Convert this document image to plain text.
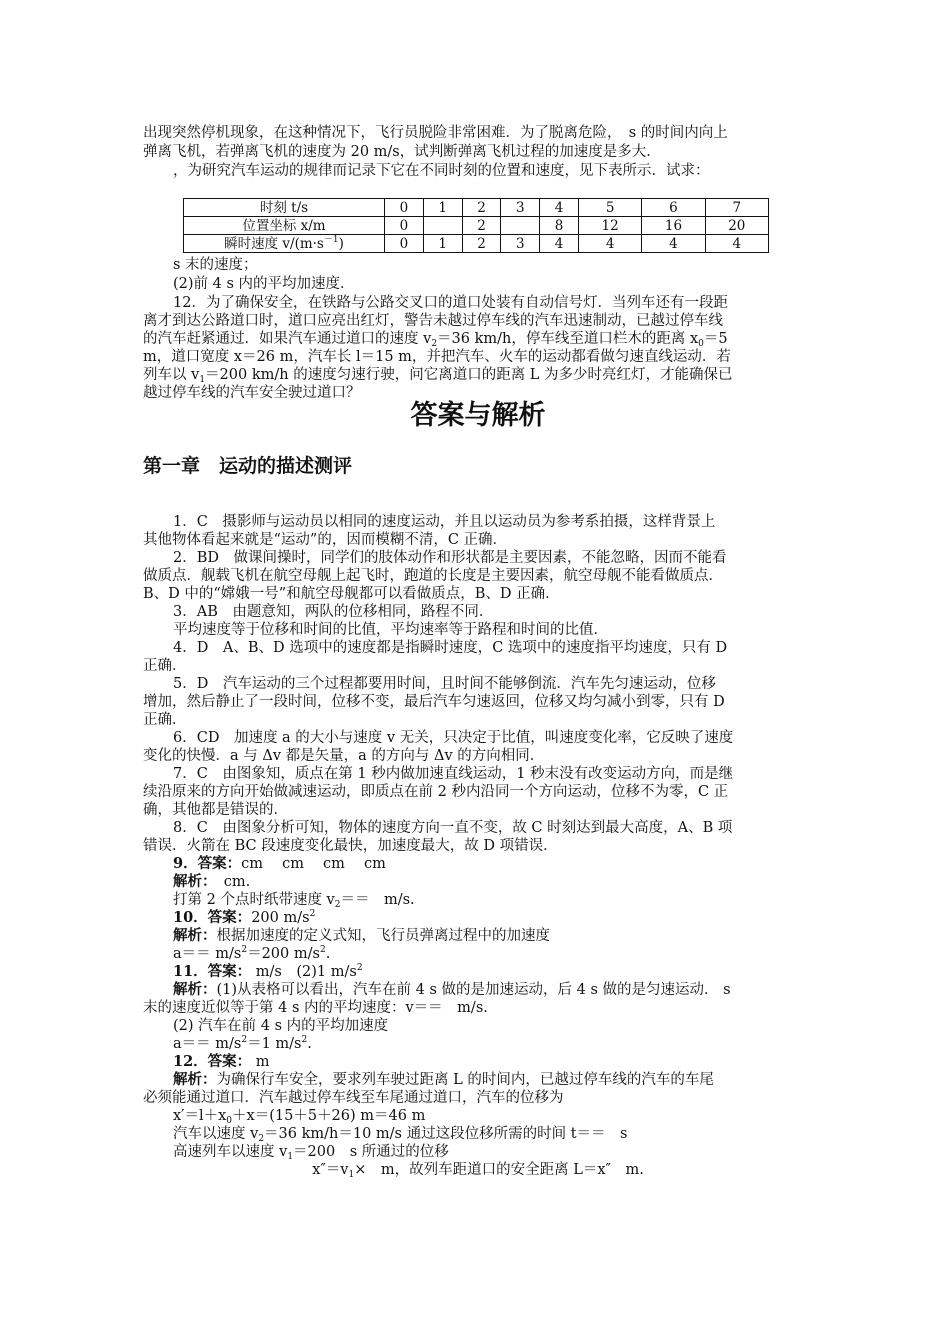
出现突然停机现象，在这种情况下，飞行员脱险非常困难．为了脱离危险，　s 的时间内向上
弹离飞机，若弹离飞机的速度为 20 m/s，试判断弹离飞机过程的加速度是多大．
，为研究汽车运动的规律而记录下它在不同时刻的位置和速度，见下表所示．试求：
时刻 t/s	0	1	2	3	4	5	6	7
位置坐标 x/m	0		2		8	12	16	20
瞬时速度 $v/(m\cdot s^{-1})$	0	1	2	3	4	4	4	4
s 末的速度；
(2)前 4 s 内的平均加速度．
12．为了确保安全，在铁路与公路交叉口的道口处装有自动信号灯．当列车还有一段距
离才到达公路道口时，道口应亮出红灯，警告未越过停车线的汽车迅速制动，已越过停车线
的汽车赶紧通过．如果汽车通过道口的速度 $v_2=36$ km/h，停车线至道口栏木的距离 $x_0=5$
m，道口宽度 x＝26 m，汽车长 l＝15 m，并把汽车、火车的运动都看做匀速直线运动．若
列车以 $v_1=200$ km/h 的速度匀速行驶，问它离道口的距离 L 为多少时亮红灯，才能确保已
越过停车线的汽车安全驶过道口？
答案与解析
第一章　运动的描述测评
1．C　摄影师与运动员以相同的速度运动，并且以运动员为参考系拍摄，这样背景上
其他物体看起来就是“运动”的，因而模糊不清，C 正确．
2．BD　做课间操时，同学们的肢体动作和形状都是主要因素，不能忽略，因而不能看
做质点．舰载飞机在航空母舰上起飞时，跑道的长度是主要因素，航空母舰不能看做质点．
B、D 中的“嫦娥一号”和航空母舰都可以看做质点，B、D 正确．
3．AB　由题意知，两队的位移相同，路程不同．
平均速度等于位移和时间的比值，平均速率等于路程和时间的比值．
4．D　A、B、D 选项中的速度都是指瞬时速度，C 选项中的速度指平均速度，只有 D
正确．
5．D　汽车运动的三个过程都要用时间，且时间不能够倒流．汽车先匀速运动，位移
增加，然后静止了一段时间，位移不变，最后汽车匀速返回，位移又均匀减小到零，只有 D
正确．
6．CD　加速度 a 的大小与速度 v 无关，只决定于比值，叫速度变化率，它反映了速度
变化的快慢．a 与 Δv 都是矢量，a 的方向与 Δv 的方向相同．
7．C　由图象知，质点在第 1 秒内做加速直线运动，1 秒末没有改变运动方向，而是继
续沿原来的方向开始做减速运动，即质点在前 2 秒内沿同一个方向运动，位移不为零，C 正
确，其他都是错误的．
8．C　由图象分析可知，物体的速度方向一直不变，故 C 时刻达到最大高度，A、B 项
错误．火箭在 BC 段速度变化最快，加速度最大，故 D 项错误．
9．答案：cm　 cm　 cm　 cm
解析：　cm.
打第 2 个点时纸带速度 $v_2==$　m/s.
10．答案：200 $m/s^2$
解析：根据加速度的定义式知，飞行员弹离过程中的加速度
$a== m/s^2=200$ $m/s^2$.
11．答案： m/s　(2)1 $m/s^2$
解析：(1)从表格可以看出，汽车在前 4 s 做的是加速运动，后 4 s 做的是匀速运动． s
末的速度近似等于第 4 s 内的平均速度：v＝＝　m/s.
(2) 汽车在前 4 s 内的平均加速度
$a== m/s^2=1$ $m/s^2$.
12．答案： m
解析：为确保行车安全，要求列车驶过距离 L 的时间内，已越过停车线的汽车的车尾
必须能通过道口．汽车越过停车线至车尾通过道口，汽车的位移为
$x'=l+x_0+x=(15+5+26)$ m＝46 m
汽车以速度 $v_2=36$ km/h＝10 m/s 通过这段位移所需的时间 t＝＝　s
高速列车以速度 $v_1=200$　s 所通过的位移
$x''=v_1\times$　m，故列车距道口的安全距离 L＝x″　m.
